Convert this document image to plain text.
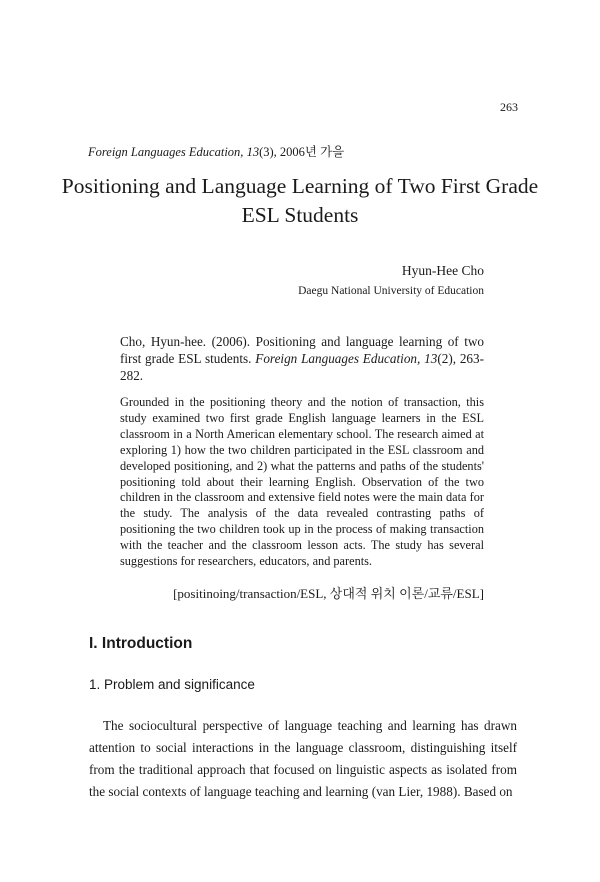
263
Foreign Languages Education, 13(3), 2006년 가을
Positioning and Language Learning of Two First Grade ESL Students
Hyun-Hee Cho
Daegu National University of Education
Cho, Hyun-hee. (2006). Positioning and language learning of two first grade ESL students. Foreign Languages Education, 13(2), 263-282.
Grounded in the positioning theory and the notion of transaction, this study examined two first grade English language learners in the ESL classroom in a North American elementary school. The research aimed at exploring 1) how the two children participated in the ESL classroom and developed positioning, and 2) what the patterns and paths of the students' positioning told about their learning English. Observation of the two children in the classroom and extensive field notes were the main data for the study. The analysis of the data revealed contrasting paths of positioning the two children took up in the process of making transaction with the teacher and the classroom lesson acts. The study has several suggestions for researchers, educators, and parents.
[positinoing/transaction/ESL, 상대적 위치 이론/교류/ESL]
I. Introduction
1. Problem and significance
The sociocultural perspective of language teaching and learning has drawn attention to social interactions in the language classroom, distinguishing itself from the traditional approach that focused on linguistic aspects as isolated from the social contexts of language teaching and learning (van Lier, 1988). Based on
